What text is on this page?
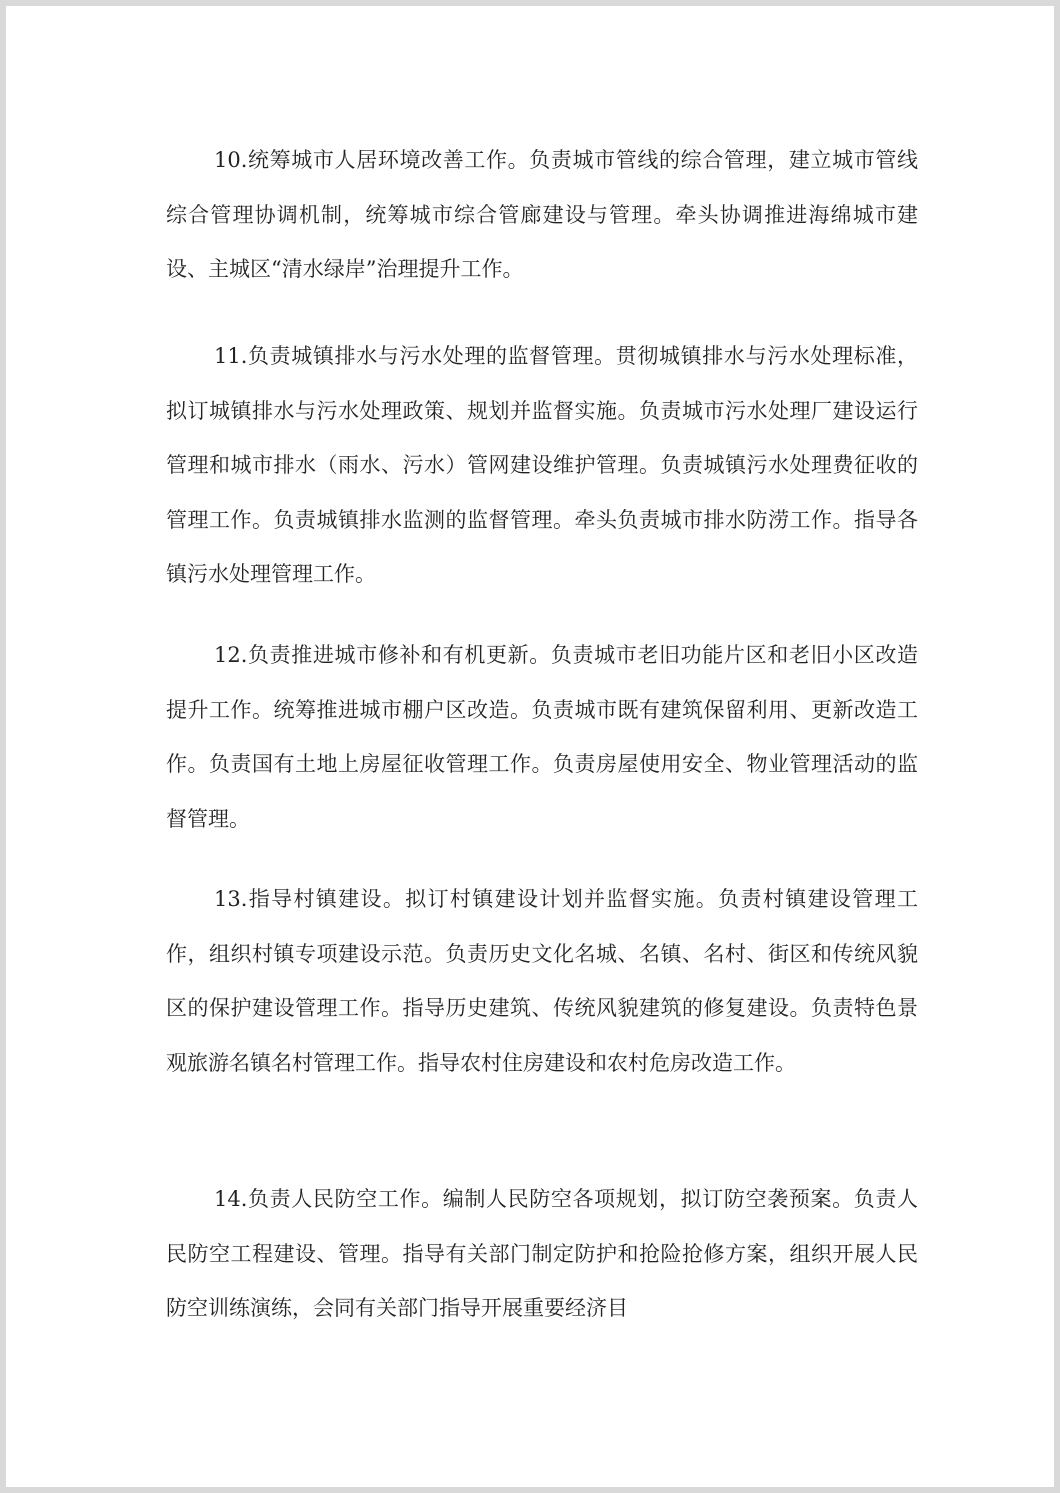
10.统筹城市人居环境改善工作。负责城市管线的综合管理，建立城市管线综合管理协调机制，统筹城市综合管廊建设与管理。牵头协调推进海绵城市建设、主城区“清水绿岸”治理提升工作。

11.负责城镇排水与污水处理的监督管理。贯彻城镇排水与污水处理标准，拟订城镇排水与污水处理政策、规划并监督实施。负责城市污水处理厂建设运行管理和城市排水（雨水、污水）管网建设维护管理。负责城镇污水处理费征收的管理工作。负责城镇排水监测的监督管理。牵头负责城市排水防涝工作。指导各镇污水处理管理工作。

12.负责推进城市修补和有机更新。负责城市老旧功能片区和老旧小区改造提升工作。统筹推进城市棚户区改造。负责城市既有建筑保留利用、更新改造工作。负责国有土地上房屋征收管理工作。负责房屋使用安全、物业管理活动的监督管理。

13.指导村镇建设。拟订村镇建设计划并监督实施。负责村镇建设管理工作，组织村镇专项建设示范。负责历史文化名城、名镇、名村、街区和传统风貌区的保护建设管理工作。指导历史建筑、传统风貌建筑的修复建设。负责特色景观旅游名镇名村管理工作。指导农村住房建设和农村危房改造工作。

14.负责人民防空工作。编制人民防空各项规划，拟订防空袭预案。负责人民防空工程建设、管理。指导有关部门制定防护和抢险抢修方案，组织开展人民防空训练演练，会同有关部门指导开展重要经济目
